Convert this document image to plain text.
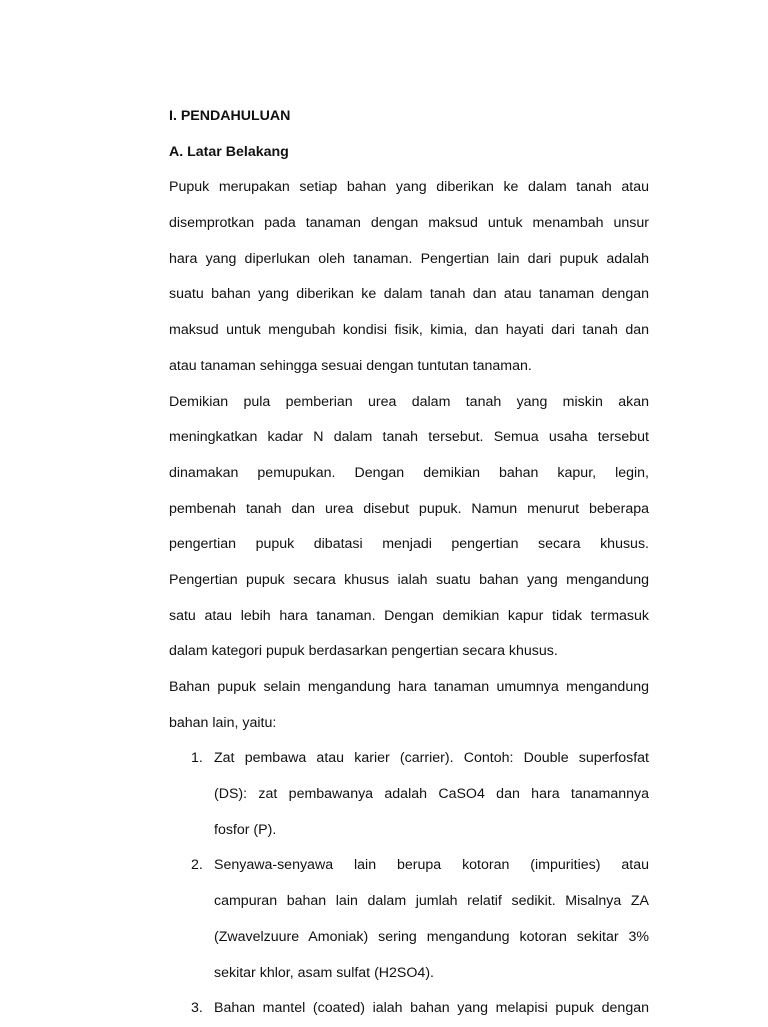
I. PENDAHULUAN
A. Latar Belakang
Pupuk merupakan setiap bahan yang diberikan ke dalam tanah atau
disemprotkan pada tanaman dengan maksud untuk menambah unsur
hara yang diperlukan oleh tanaman. Pengertian lain dari pupuk adalah
suatu bahan yang diberikan ke dalam tanah dan atau tanaman dengan
maksud untuk mengubah kondisi fisik, kimia, dan hayati dari tanah dan
atau tanaman sehingga sesuai dengan tuntutan tanaman.
Demikian pula pemberian urea dalam tanah yang miskin akan
meningkatkan kadar N dalam tanah tersebut. Semua usaha tersebut
dinamakan pemupukan. Dengan demikian bahan kapur, legin,
pembenah tanah dan urea disebut pupuk. Namun menurut beberapa
pengertian pupuk dibatasi menjadi pengertian secara khusus.
Pengertian pupuk secara khusus ialah suatu bahan yang mengandung
satu atau lebih hara tanaman. Dengan demikian kapur tidak termasuk
dalam kategori pupuk berdasarkan pengertian secara khusus.
Bahan pupuk selain mengandung hara tanaman umumnya mengandung
bahan lain, yaitu:
1. Zat pembawa atau karier (carrier). Contoh: Double superfosfat
(DS): zat pembawanya adalah CaSO4 dan hara tanamannya
fosfor (P).
2. Senyawa-senyawa lain berupa kotoran (impurities) atau
campuran bahan lain dalam jumlah relatif sedikit. Misalnya ZA
(Zwavelzuure Amoniak) sering mengandung kotoran sekitar 3%
sekitar khlor, asam sulfat (H2SO4).
3. Bahan mantel (coated) ialah bahan yang melapisi pupuk dengan
